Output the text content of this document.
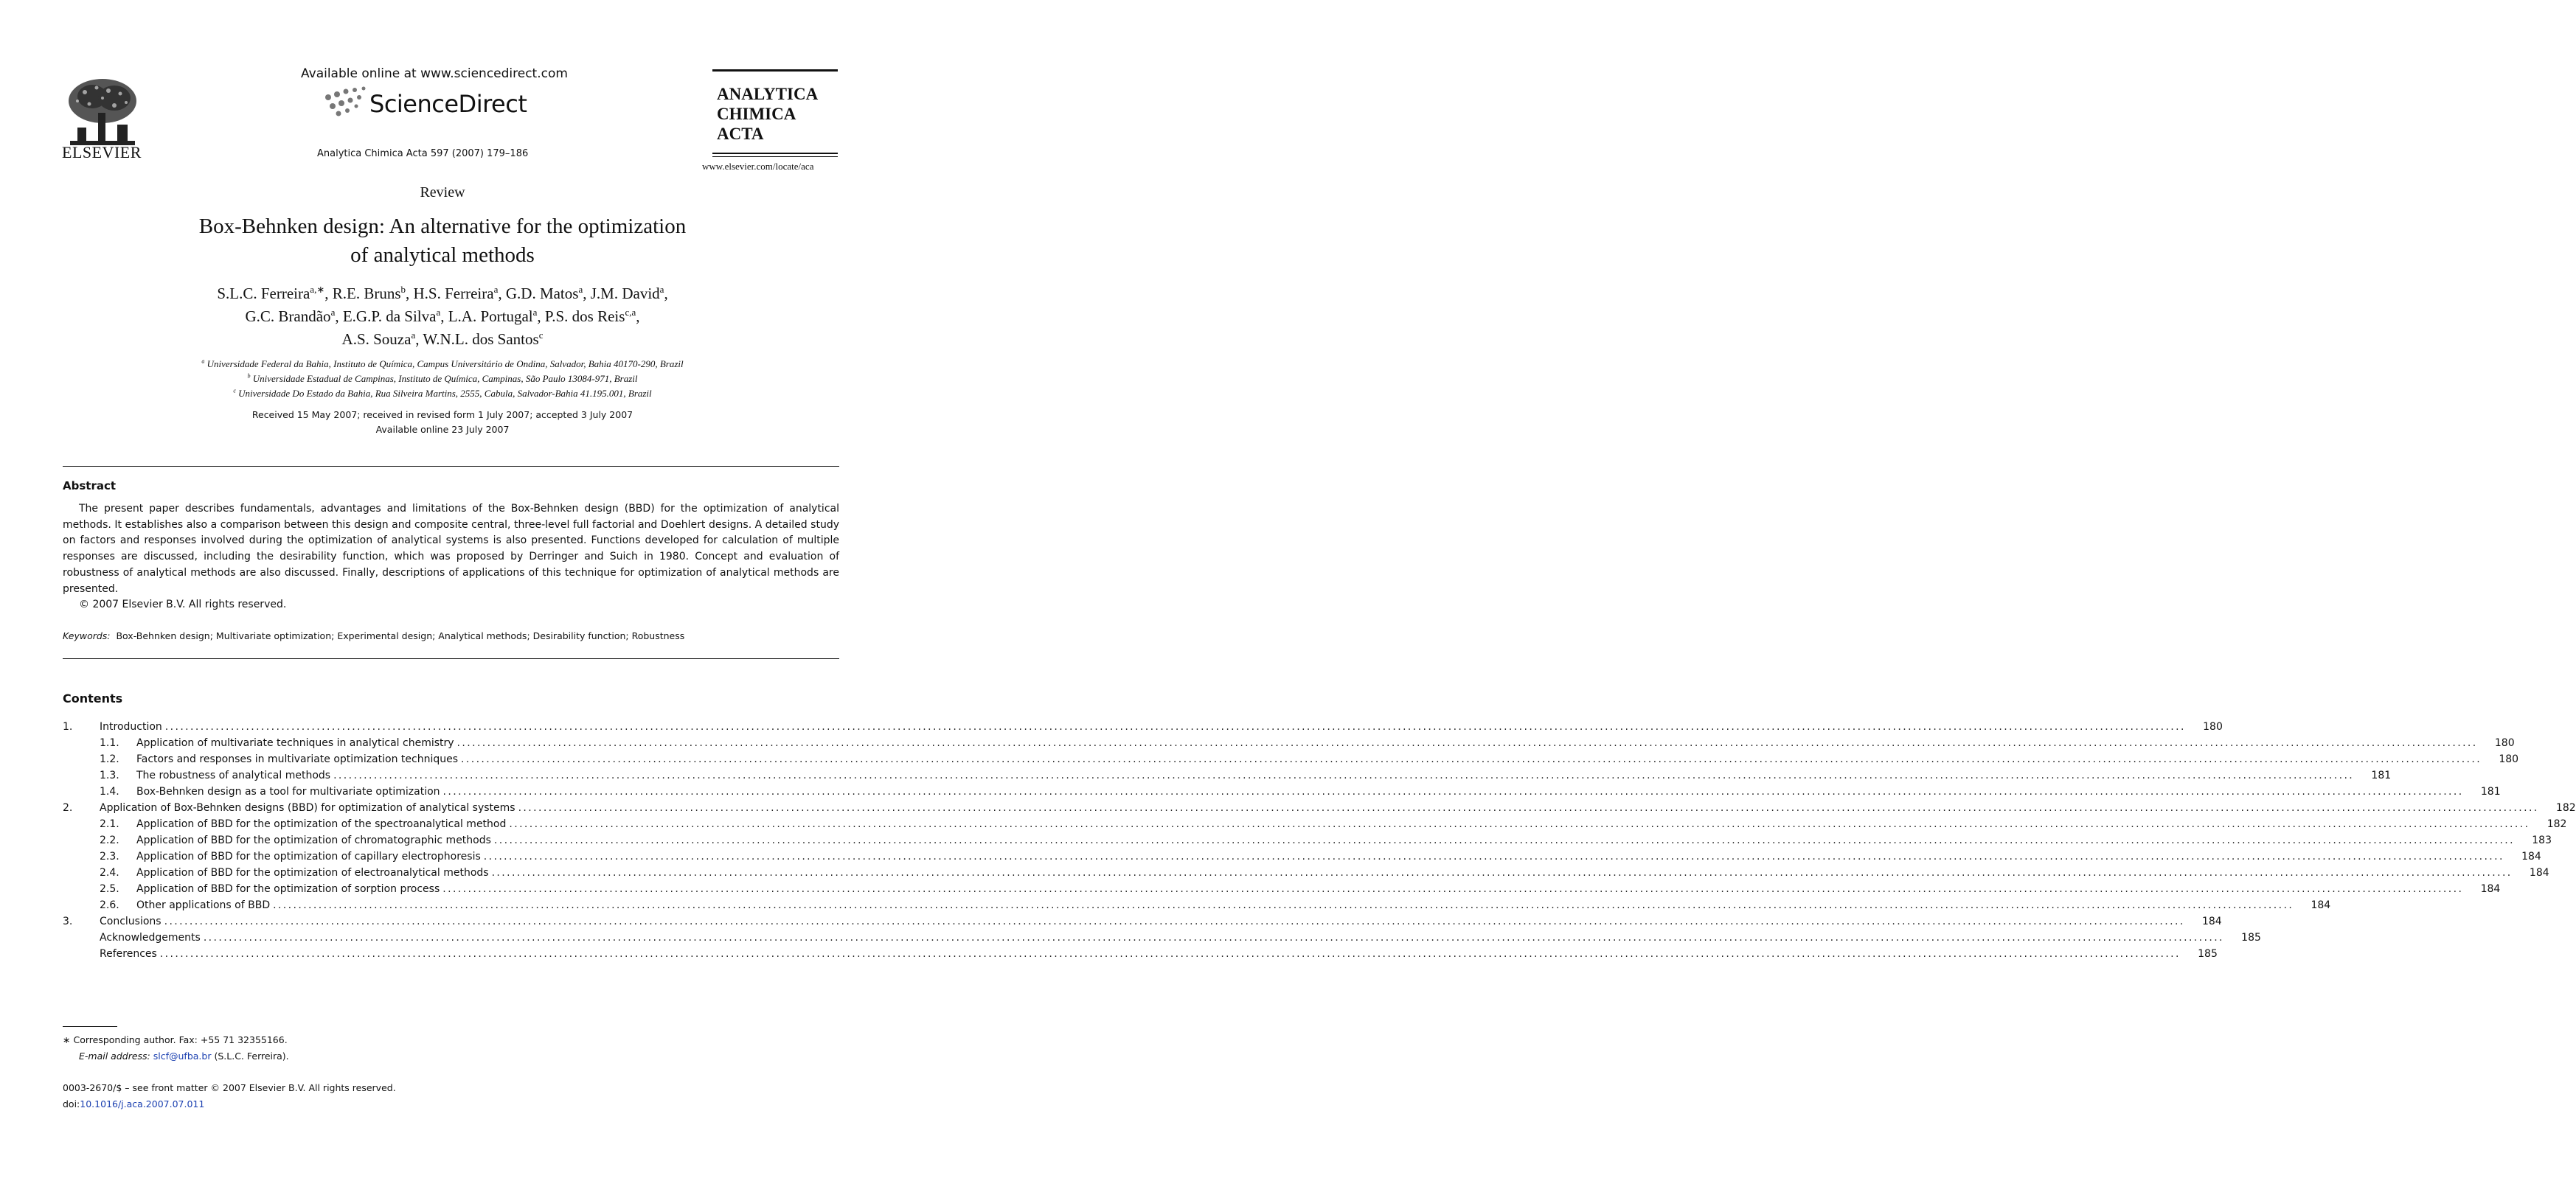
ELSEVIER
Available online at www.sciencedirect.com
ScienceDirect
Analytica Chimica Acta 597 (2007) 179–186
ANALYTICA
CHIMICA
ACTA
www.elsevier.com/locate/aca
Review
Box-Behnken design: An alternative for the optimization
of analytical methods
S.L.C. Ferreira$^{a,∗}$, R.E. Bruns$^b$, H.S. Ferreira$^a$, G.D. Matos$^a$, J.M. David$^a$,
G.C. Brandão$^a$, E.G.P. da Silva$^a$, L.A. Portugal$^a$, P.S. dos Reis$^{c,a}$,
A.S. Souza$^a$, W.N.L. dos Santos$^c$
$^a$ Universidade Federal da Bahia, Instituto de Química, Campus Universitário de Ondina, Salvador, Bahia 40170-290, Brazil
$^b$ Universidade Estadual de Campinas, Instituto de Química, Campinas, São Paulo 13084-971, Brazil
$^c$ Universidade Do Estado da Bahia, Rua Silveira Martins, 2555, Cabula, Salvador-Bahia 41.195.001, Brazil
Received 15 May 2007; received in revised form 1 July 2007; accepted 3 July 2007
Available online 23 July 2007
Abstract

The present paper describes fundamentals, advantages and limitations of the Box-Behnken design (BBD) for the optimization of analytical methods. It establishes also a comparison between this design and composite central, three-level full factorial and Doehlert designs. A detailed study on factors and responses involved during the optimization of analytical systems is also presented. Functions developed for calculation of multiple responses are discussed, including the desirability function, which was proposed by Derringer and Suich in 1980. Concept and evaluation of robustness of analytical methods are also discussed. Finally, descriptions of applications of this technique for optimization of analytical methods are presented.

© 2007 Elsevier B.V. All rights reserved.

Keywords: Box-Behnken design; Multivariate optimization; Experimental design; Analytical methods; Desirability function; Robustness
Contents
1.	Introduction ................................................................................................................................................................................................................................................................................................................................................................................................................	180
1.1.	Application of multivariate techniques in analytical chemistry ................................................................................................................................................................................................................................................................................................................................................................................................................	180
1.2.	Factors and responses in multivariate optimization techniques ................................................................................................................................................................................................................................................................................................................................................................................................................	180
1.3.	The robustness of analytical methods ................................................................................................................................................................................................................................................................................................................................................................................................................	181
1.4.	Box-Behnken design as a tool for multivariate optimization ................................................................................................................................................................................................................................................................................................................................................................................................................	181
2.	Application of Box-Behnken designs (BBD) for optimization of analytical systems ................................................................................................................................................................................................................................................................................................................................................................................................................	182
2.1.	Application of BBD for the optimization of the spectroanalytical method ................................................................................................................................................................................................................................................................................................................................................................................................................	182
2.2.	Application of BBD for the optimization of chromatographic methods ................................................................................................................................................................................................................................................................................................................................................................................................................	183
2.3.	Application of BBD for the optimization of capillary electrophoresis ................................................................................................................................................................................................................................................................................................................................................................................................................	184
2.4.	Application of BBD for the optimization of electroanalytical methods ................................................................................................................................................................................................................................................................................................................................................................................................................	184
2.5.	Application of BBD for the optimization of sorption process ................................................................................................................................................................................................................................................................................................................................................................................................................	184
2.6.	Other applications of BBD ................................................................................................................................................................................................................................................................................................................................................................................................................	184
3.	Conclusions ................................................................................................................................................................................................................................................................................................................................................................................................................	184
Acknowledgements ................................................................................................................................................................................................................................................................................................................................................................................................................	185
References ................................................................................................................................................................................................................................................................................................................................................................................................................	185
∗ Corresponding author. Fax: +55 71 32355166.
E-mail address: slcf@ufba.br (S.L.C. Ferreira).
0003-2670/$ – see front matter © 2007 Elsevier B.V. All rights reserved.
doi:10.1016/j.aca.2007.07.011
